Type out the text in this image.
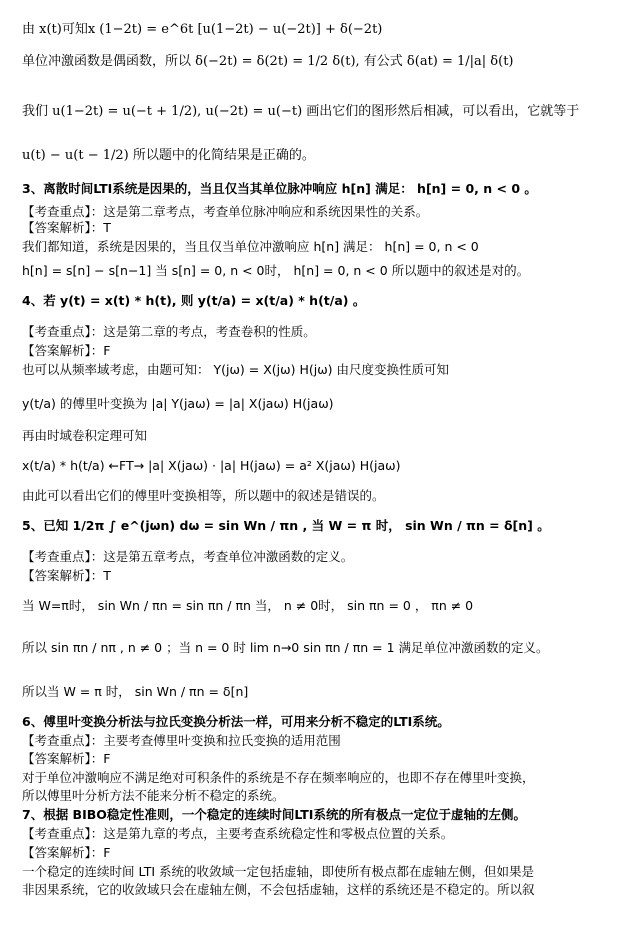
由 x(t)可知x (1−2t) = e^6t [u(1−2t) − u(−2t)] + δ(−2t)
单位冲激函数是偶函数，所以 δ(−2t) = δ(2t) = 1/2 δ(t), 有公式 δ(at) = 1/|a| δ(t)
我们 u(1−2t) = u(−t + 1/2), u(−2t) = u(−t) 画出它们的图形然后相减，可以看出，它就等于
u(t) − u(t − 1/2) 所以题中的化简结果是正确的。
3、离散时间LTI系统是因果的，当且仅当其单位脉冲响应 h[n] 满足： h[n] = 0, n < 0 。
【考查重点】：这是第二章考点，考查单位脉冲响应和系统因果性的关系。
【答案解析】：T
我们都知道，系统是因果的，当且仅当单位冲激响应 h[n] 满足： h[n] = 0, n < 0
h[n] = s[n] − s[n−1] 当 s[n] = 0, n < 0时， h[n] = 0, n < 0 所以题中的叙述是对的。
4、若 y(t) = x(t) * h(t), 则 y(t/a) = x(t/a) * h(t/a) 。
【考查重点】：这是第二章的考点，考查卷积的性质。
【答案解析】：F
也可以从频率域考虑，由题可知： Y(jω) = X(jω) H(jω) 由尺度变换性质可知
y(t/a) 的傅里叶变换为 |a| Y(jaω) = |a| X(jaω) H(jaω)
再由时域卷积定理可知
x(t/a) * h(t/a) ←FT→ |a| X(jaω) · |a| H(jaω) = a² X(jaω) H(jaω)
由此可以看出它们的傅里叶变换相等，所以题中的叙述是错误的。
5、已知 1/2π ∫ e^(jωn) dω = sin Wn / πn , 当 W = π 时， sin Wn / πn = δ[n] 。
【考查重点】：这是第五章考点，考查单位冲激函数的定义。
【答案解析】：T
当 W=π时， sin Wn / πn = sin πn / πn 当， n ≠ 0时， sin πn = 0 ， πn ≠ 0
所以 sin πn / nπ , n ≠ 0 ；当 n = 0 时 lim n→0 sin πn / πn = 1 满足单位冲激函数的定义。
所以当 W = π 时， sin Wn / πn = δ[n]
6、傅里叶变换分析法与拉氏变换分析法一样，可用来分析不稳定的LTI系统。
【考查重点】：主要考查傅里叶变换和拉氏变换的适用范围
【答案解析】：F
对于单位冲激响应不满足绝对可积条件的系统是不存在频率响应的，也即不存在傅里叶变换，
所以傅里叶分析方法不能来分析不稳定的系统。
7、根据 BIBO稳定性准则，一个稳定的连续时间LTI系统的所有极点一定位于虚轴的左侧。
【考查重点】：这是第九章的考点，主要考查系统稳定性和零极点位置的关系。
【答案解析】：F
一个稳定的连续时间 LTI 系统的收敛域一定包括虚轴，即使所有极点都在虚轴左侧，但如果是
非因果系统，它的收敛域只会在虚轴左侧，不会包括虚轴，这样的系统还是不稳定的。所以叙
